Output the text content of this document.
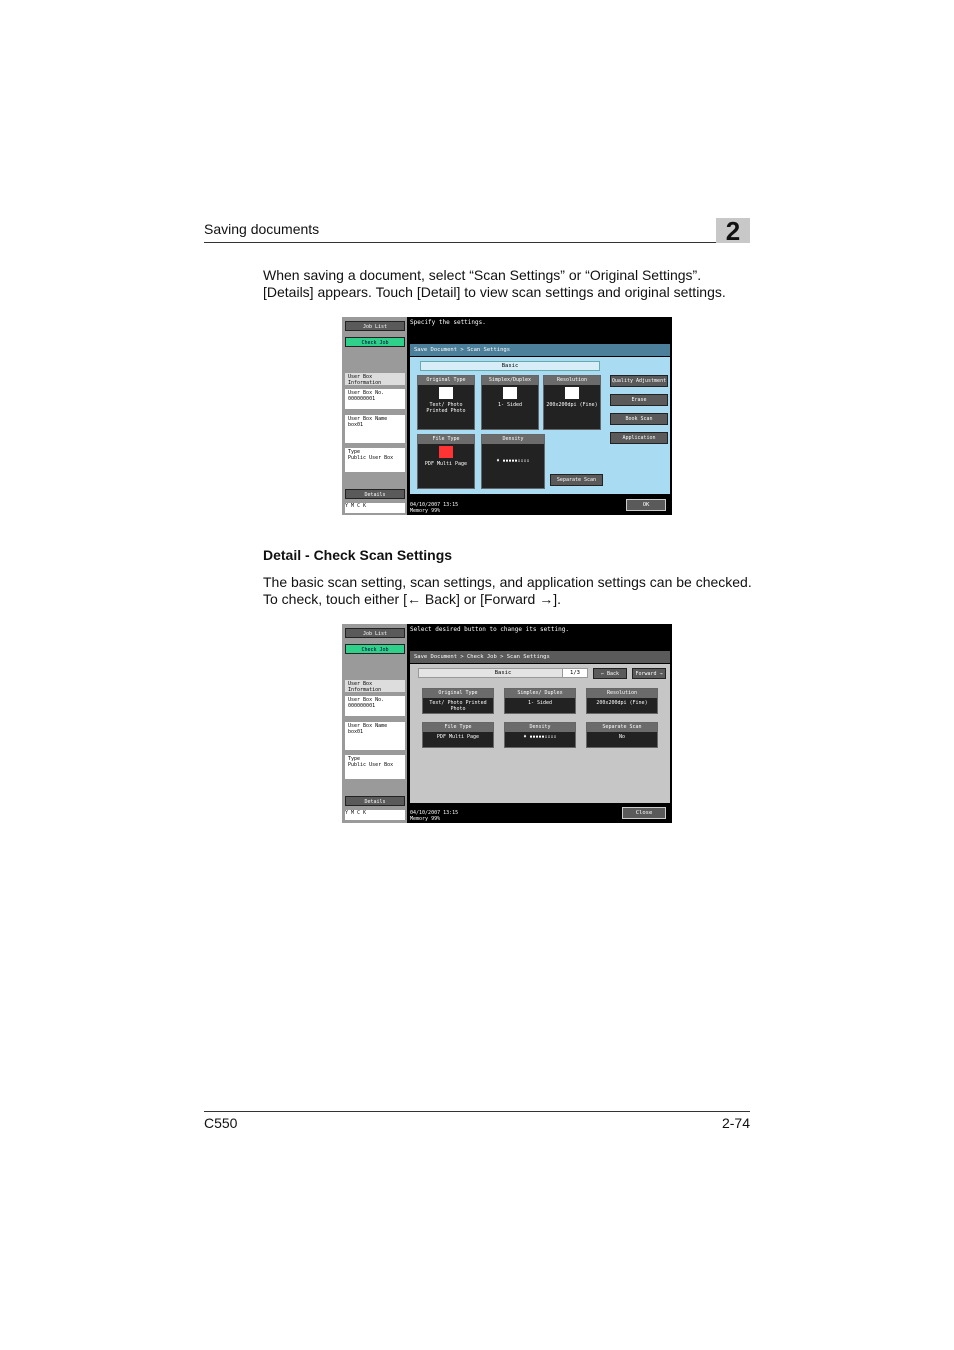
Saving documents	2
When saving a document, select “Scan Settings” or “Original Settings”. [Details] appears. Touch [Detail] to view scan settings and original settings.
Job List
Check Job
User Box Information
User Box No.
000000001
User Box Name
box01
Type
Public User Box
Details
Y M C K
Specify the settings.
Save Document > Scan Settings
Basic
Original Type
Text/ Photo Printed Photo
Simplex/Duplex
1- Sided
Resolution
200x200dpi (Fine)
File Type
PDF Multi Page
Density
♦ ▪▪▪▪▪▫▫▫▫
Separate Scan
Quality Adjustment
Erase
Book Scan
Application
04/10/2007 13:15
Memory 99%
OK
Detail - Check Scan Settings
The basic scan setting, scan settings, and application settings can be checked. To check, touch either [← Back] or [Forward →].
Job List
Check Job
User Box Information
User Box No.
000000001
User Box Name
box01
Type
Public User Box
Details
Y M C K
Select desired button to change its setting.
Save Document > Check Job > Scan Settings
Basic	1/3	← Back	Forward →
Original Type
Text/ Photo Printed Photo
Simplex/ Duplex
1- Sided
Resolution
200x200dpi (Fine)
File Type
PDF Multi Page
Density
♦ ▪▪▪▪▪▫▫▫▫
Separate Scan
No
04/10/2007 13:15
Memory 99%
Close
C550	2-74
